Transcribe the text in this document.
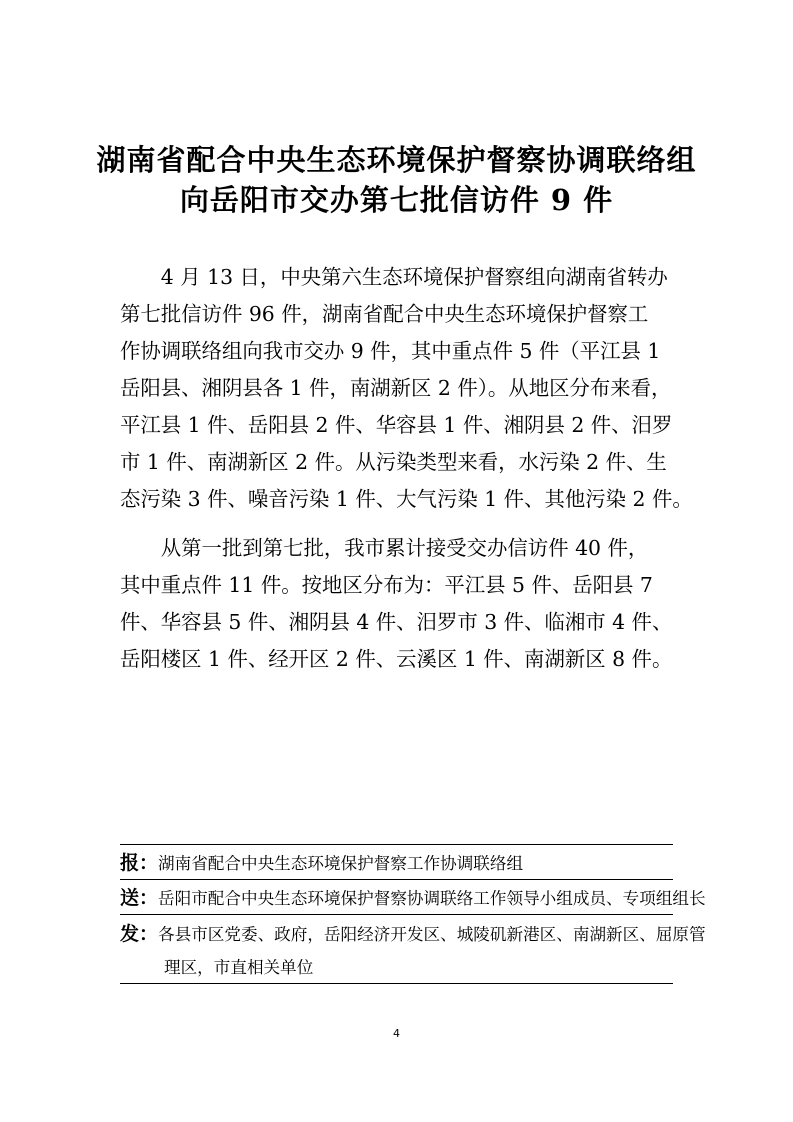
湖南省配合中央生态环境保护督察协调联络组
向岳阳市交办第七批信访件 9 件
　　4 月 13 日，中央第六生态环境保护督察组向湖南省转办
第七批信访件 96 件，湖南省配合中央生态环境保护督察工
作协调联络组向我市交办 9 件，其中重点件 5 件（平江县 1
岳阳县、湘阴县各 1 件，南湖新区 2 件）。从地区分布来看，
平江县 1 件、岳阳县 2 件、华容县 1 件、湘阴县 2 件、汨罗
市 1 件、南湖新区 2 件。从污染类型来看，水污染 2 件、生
态污染 3 件、噪音污染 1 件、大气污染 1 件、其他污染 2 件。
　　从第一批到第七批，我市累计接受交办信访件 40 件，
其中重点件 11 件。按地区分布为：平江县 5 件、岳阳县 7
件、华容县 5 件、湘阴县 4 件、汨罗市 3 件、临湘市 4 件、
岳阳楼区 1 件、经开区 2 件、云溪区 1 件、南湖新区 8 件。
报：湖南省配合中央生态环境保护督察工作协调联络组
送：岳阳市配合中央生态环境保护督察协调联络工作领导小组成员、专项组组长
发：各县市区党委、政府，岳阳经济开发区、城陵矶新港区、南湖新区、屈原管
理区，市直相关单位
4
